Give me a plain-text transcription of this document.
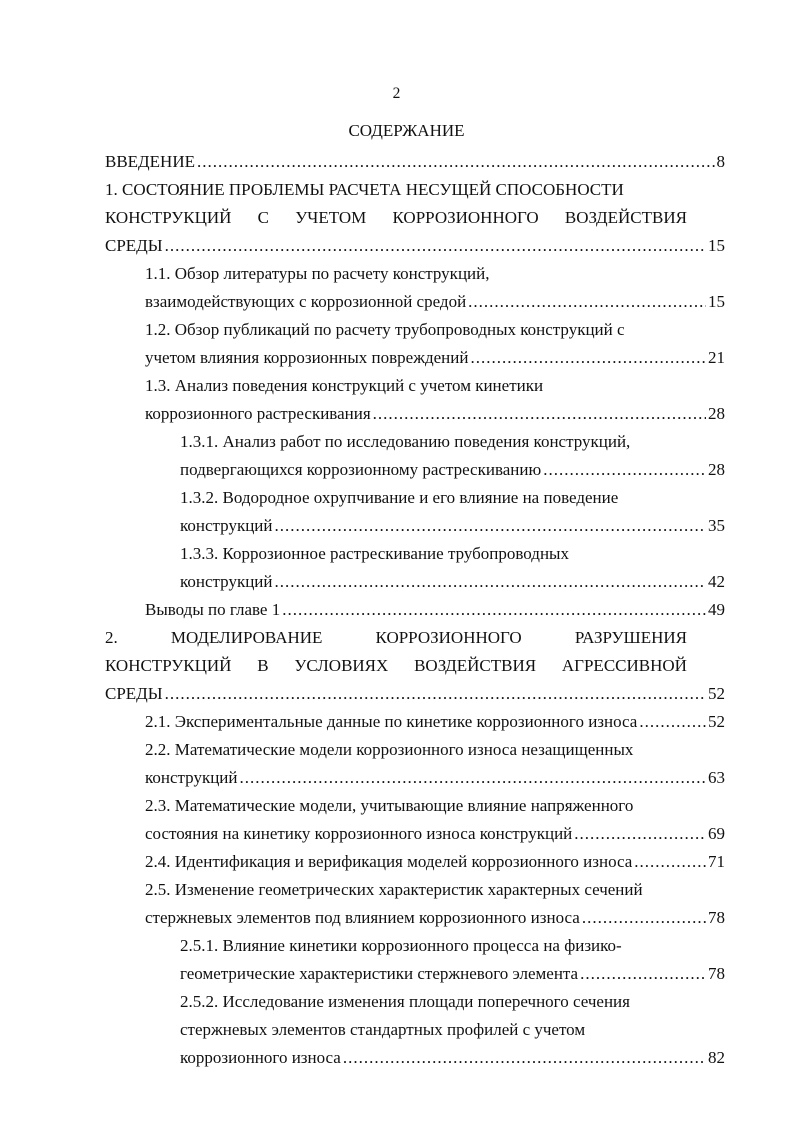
2
СОДЕРЖАНИЕ
ВВЕДЕНИЕ .....	8
1. СОСТОЯНИЕ ПРОБЛЕМЫ РАСЧЕТА НЕСУЩЕЙ СПОСОБНОСТИ
КОНСТРУКЦИЙ С УЧЕТОМ КОРРОЗИОННОГО ВОЗДЕЙСТВИЯ
СРЕДЫ .....	15
1.1. Обзор литературы по расчету конструкций,
взаимодействующих с коррозионной средой .....	15
1.2. Обзор публикаций по расчету трубопроводных конструкций с
учетом влияния коррозионных повреждений .....	21
1.3. Анализ поведения конструкций с учетом кинетики
коррозионного растрескивания .....	28
1.3.1. Анализ работ по исследованию поведения конструкций,
подвергающихся коррозионному растрескиванию .....	28
1.3.2. Водородное охрупчивание и его влияние на поведение
конструкций .....	35
1.3.3. Коррозионное растрескивание трубопроводных
конструкций .....	42
Выводы по главе 1 .....	49
2.	МОДЕЛИРОВАНИЕ	КОРРОЗИОННОГО	РАЗРУШЕНИЯ
КОНСТРУКЦИЙ В УСЛОВИЯХ ВОЗДЕЙСТВИЯ АГРЕССИВНОЙ
СРЕДЫ .....	52
2.1. Экспериментальные данные по кинетике коррозионного износа .....	52
2.2. Математические модели коррозионного износа незащищенных
конструкций .....	63
2.3. Математические модели, учитывающие влияние напряженного
состояния на кинетику коррозионного износа конструкций .....	69
2.4. Идентификация и верификация моделей коррозионного износа .....	71
2.5. Изменение геометрических характеристик характерных сечений
стержневых элементов под влиянием коррозионного износа .....	78
2.5.1. Влияние кинетики коррозионного процесса на физико-
геометрические характеристики стержневого элемента .....	78
2.5.2. Исследование изменения площади поперечного сечения
стержневых элементов стандартных профилей с учетом
коррозионного износа .....	82
